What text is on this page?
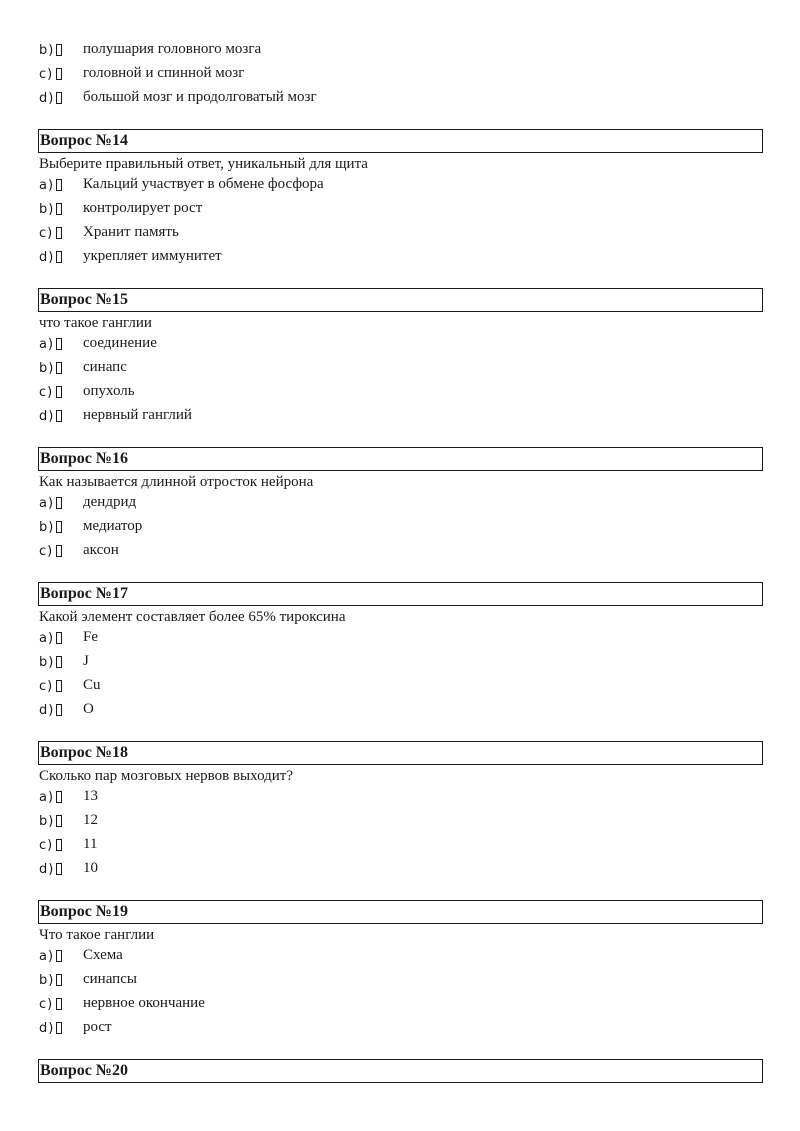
b) полушария головного мозга
c) головной и спинной мозг
d) большой мозг и продолговатый мозг
Вопрос №14
Выберите правильный ответ, уникальный для щита
a) Кальций участвует в обмене фосфора
b) контролирует рост
c) Хранит память
d) укрепляет иммунитет
Вопрос №15
что такое ганглии
a) соединение
b) синапс
c) опухоль
d) нервный ганглий
Вопрос №16
Как называется длинной отросток нейрона
a) дендрид
b) медиатор
c) аксон
Вопрос №17
Какой элемент составляет более 65% тироксина
a) Fe
b) J
c) Cu
d) O
Вопрос №18
Сколько пар мозговых нервов выходит?
a) 13
b) 12
c) 11
d) 10
Вопрос №19
Что такое ганглии
a) Схема
b) синапсы
c) нервное окончание
d) рост
Вопрос №20
